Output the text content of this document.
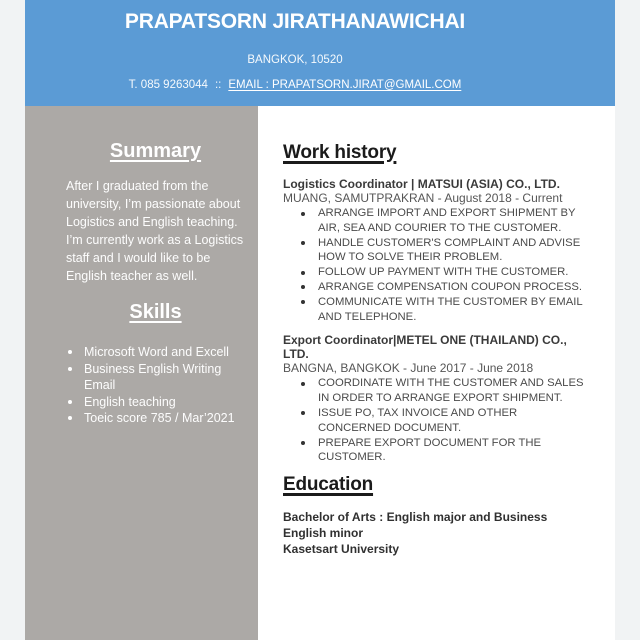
PRAPATSORN JIRATHANAWICHAI
BANGKOK, 10520
T. 085 9263044 :: EMAIL : PRAPATSORN.JIRAT@GMAIL.COM
Summary

After I graduated from the university, I’m passionate about Logistics and English teaching. I’m currently work as a Logistics staff and I would like to be English teacher as well.

Skills
Microsoft Word and Excell
Business English Writing Email
English teaching
Toeic score 785 / Mar’2021
Work history
Logistics Coordinator | MATSUI (ASIA) CO., LTD.
MUANG, SAMUTPRAKRAN - August 2018 - Current
ARRANGE IMPORT AND EXPORT SHIPMENT BY AIR, SEA AND COURIER TO THE CUSTOMER.
HANDLE CUSTOMER'S COMPLAINT AND ADVISE HOW TO SOLVE THEIR PROBLEM.
FOLLOW UP PAYMENT WITH THE CUSTOMER.
ARRANGE COMPENSATION COUPON PROCESS.
COMMUNICATE WITH THE CUSTOMER BY EMAIL AND TELEPHONE.
Export Coordinator|METEL ONE (THAILAND) CO., LTD.
BANGNA, BANGKOK - June 2017 - June 2018
COORDINATE WITH THE CUSTOMER AND SALES IN ORDER TO ARRANGE EXPORT SHIPMENT.
ISSUE PO, TAX INVOICE AND OTHER CONCERNED DOCUMENT.
PREPARE EXPORT DOCUMENT FOR THE CUSTOMER.
Education

Bachelor of Arts : English major and Business English minor

Kasetsart University
